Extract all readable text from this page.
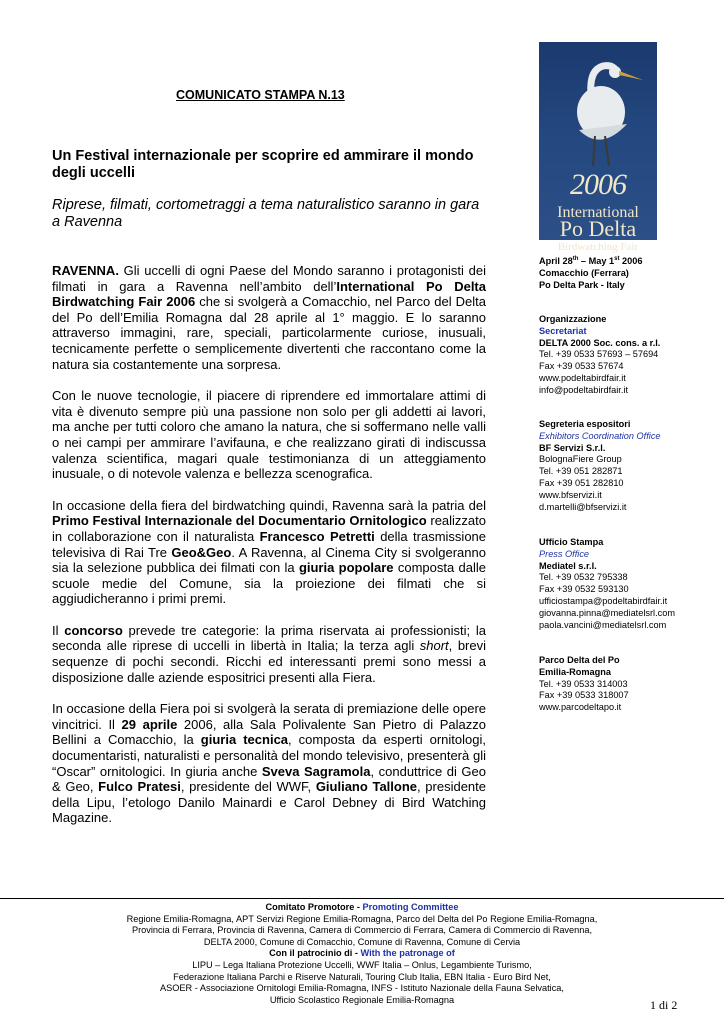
COMUNICATO STAMPA N.13
Un Festival internazionale per scoprire ed ammirare il mondo degli uccelli
Riprese, filmati, cortometraggi a tema naturalistico saranno in gara a Ravenna

RAVENNA. Gli uccelli di ogni Paese del Mondo saranno i protagonisti dei filmati in gara a Ravenna nell’ambito dell’International Po Delta Birdwatching Fair 2006 che si svolgerà a Comacchio, nel Parco del Delta del Po dell’Emilia Romagna dal 28 aprile al 1° maggio. E lo saranno attraverso immagini, rare, speciali, particolarmente curiose, inusuali, tecnicamente perfette o semplicemente divertenti che raccontano come la natura sia costantemente una sorpresa.

Con le nuove tecnologie, il piacere di riprendere ed immortalare attimi di vita è divenuto sempre più una passione non solo per gli addetti ai lavori, ma anche per tutti coloro che amano la natura, che si soffermano nelle valli o nei campi per ammirare l’avifauna, e che realizzano girati di indiscussa valenza scientifica, magari quale testimonianza di un atteggiamento inusuale, o di notevole valenza e bellezza scenografica.

In occasione della fiera del birdwatching quindi, Ravenna sarà la patria del Primo Festival Internazionale del Documentario Ornitologico realizzato in collaborazione con il naturalista Francesco Petretti della trasmissione televisiva di Rai Tre Geo&Geo. A Ravenna, al Cinema City si svolgeranno sia la selezione pubblica dei filmati con la giuria popolare composta dalle scuole medie del Comune, sia la proiezione dei filmati che si aggiudicheranno i primi premi.

Il concorso prevede tre categorie: la prima riservata ai professionisti; la seconda alle riprese di uccelli in libertà in Italia; la terza agli short, brevi sequenze di pochi secondi. Ricchi ed interessanti premi sono messi a disposizione dalle aziende espositrici presenti alla Fiera.

In occasione della Fiera poi si svolgerà la serata di premiazione delle opere vincitrici. Il 29 aprile 2006, alla Sala Polivalente San Pietro di Palazzo Bellini a Comacchio, la giuria tecnica, composta da esperti ornitologi, documentaristi, naturalisti e personalità del mondo televisivo, presenterà gli “Oscar” ornitologici. In giuria anche Sveva Sagramola, conduttrice di Geo & Geo, Fulco Pratesi, presidente del WWF, Giuliano Tallone, presidente della Lipu, l’etologo Danilo Mainardi e Carol Debney di Bird Watching Magazine.

2006
International
Po Delta
Birdwatching Fair
April 28th – May 1st 2006
Comacchio (Ferrara)
Po Delta Park - Italy
Organizzazione
Secretariat
DELTA 2000 Soc. cons. a r.l.
Tel. +39 0533 57693 – 57694
Fax +39 0533 57674
www.podeltabirdfair.it
info@podeltabirdfair.it
Segreteria espositori
Exhibitors Coordination Office
BF Servizi S.r.l.
BolognaFiere Group
Tel. +39 051 282871
Fax +39 051 282810
www.bfservizi.it
d.martelli@bfservizi.it
Ufficio Stampa
Press Office
Mediatel s.r.l.
Tel. +39 0532 795338
Fax +39 0532 593130
ufficiostampa@podeltabirdfair.it
giovanna.pinna@mediatelsrl.com
paola.vancini@mediatelsrl.com
Parco Delta del Po
Emilia-Romagna
Tel. +39 0533 314003
Fax +39 0533 318007
www.parcodeltapo.it
Comitato Promotore - Promoting Committee
Regione Emilia-Romagna, APT Servizi Regione Emilia-Romagna, Parco del Delta del Po Regione Emilia-Romagna,
Provincia di Ferrara, Provincia di Ravenna, Camera di Commercio di Ferrara, Camera di Commercio di Ravenna,
DELTA 2000, Comune di Comacchio, Comune di Ravenna, Comune di Cervia
Con il patrocinio di - With the patronage of
LIPU – Lega Italiana Protezione Uccelli, WWF Italia – Onlus, Legambiente Turismo,
Federazione Italiana Parchi e Riserve Naturali, Touring Club Italia, EBN Italia - Euro Bird Net,
ASOER - Associazione Ornitologi Emilia-Romagna, INFS - Istituto Nazionale della Fauna Selvatica,
Ufficio Scolastico Regionale Emilia-Romagna	1 di 2
